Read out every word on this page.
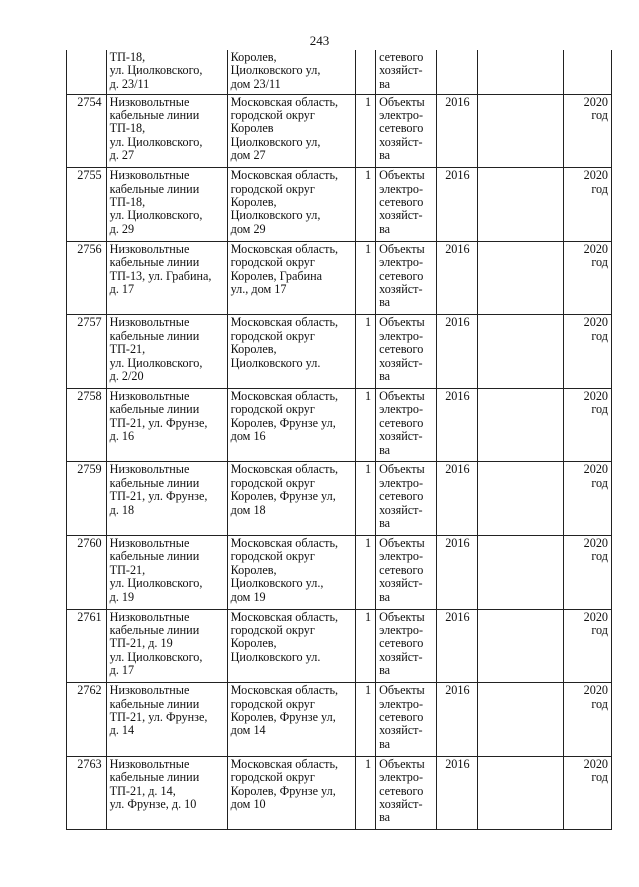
243

	ТП-18,
ул. Циолковского,
д. 23/11	Королев,
Циолковского ул,
дом 23/11		сетевого
хозяйст-
ва			

2754	Низковольтные
кабельные линии
ТП-18,
ул. Циолковского,
д. 27	Московская область,
городской округ
Королев
Циолковского ул,
дом 27	1	Объекты
электро-
сетевого
хозяйст-
ва	2016		2020
год

2755	Низковольтные
кабельные линии
ТП-18,
ул. Циолковского,
д. 29	Московская область,
городской округ
Королев,
Циолковского ул,
дом 29	1	Объекты
электро-
сетевого
хозяйст-
ва	2016		2020
год

2756	Низковольтные
кабельные линии
ТП-13, ул. Грабина,
д. 17	Московская область,
городской округ
Королев, Грабина
ул., дом 17	1	Объекты
электро-
сетевого
хозяйст-
ва	2016		2020
год

2757	Низковольтные
кабельные линии
ТП-21,
ул. Циолковского,
д. 2/20	Московская область,
городской округ
Королев,
Циолковского ул.	1	Объекты
электро-
сетевого
хозяйст-
ва	2016		2020
год

2758	Низковольтные
кабельные линии
ТП-21, ул. Фрунзе,
д. 16	Московская область,
городской округ
Королев, Фрунзе ул,
дом 16	1	Объекты
электро-
сетевого
хозяйст-
ва	2016		2020
год

2759	Низковольтные
кабельные линии
ТП-21, ул. Фрунзе,
д. 18	Московская область,
городской округ
Королев, Фрунзе ул,
дом 18	1	Объекты
электро-
сетевого
хозяйст-
ва	2016		2020
год

2760	Низковольтные
кабельные линии
ТП-21,
ул. Циолковского,
д. 19	Московская область,
городской округ
Королев,
Циолковского ул.,
дом 19	1	Объекты
электро-
сетевого
хозяйст-
ва	2016		2020
год

2761	Низковольтные
кабельные линии
ТП-21, д. 19
ул. Циолковского,
д. 17	Московская область,
городской округ
Королев,
Циолковского ул.	1	Объекты
электро-
сетевого
хозяйст-
ва	2016		2020
год

2762	Низковольтные
кабельные линии
ТП-21, ул. Фрунзе,
д. 14	Московская область,
городской округ
Королев, Фрунзе ул,
дом 14	1	Объекты
электро-
сетевого
хозяйст-
ва	2016		2020
год

2763	Низковольтные
кабельные линии
ТП-21, д. 14,
ул. Фрунзе, д. 10	Московская область,
городской округ
Королев, Фрунзе ул,
дом 10	1	Объекты
электро-
сетевого
хозяйст-
ва	2016		2020
год
